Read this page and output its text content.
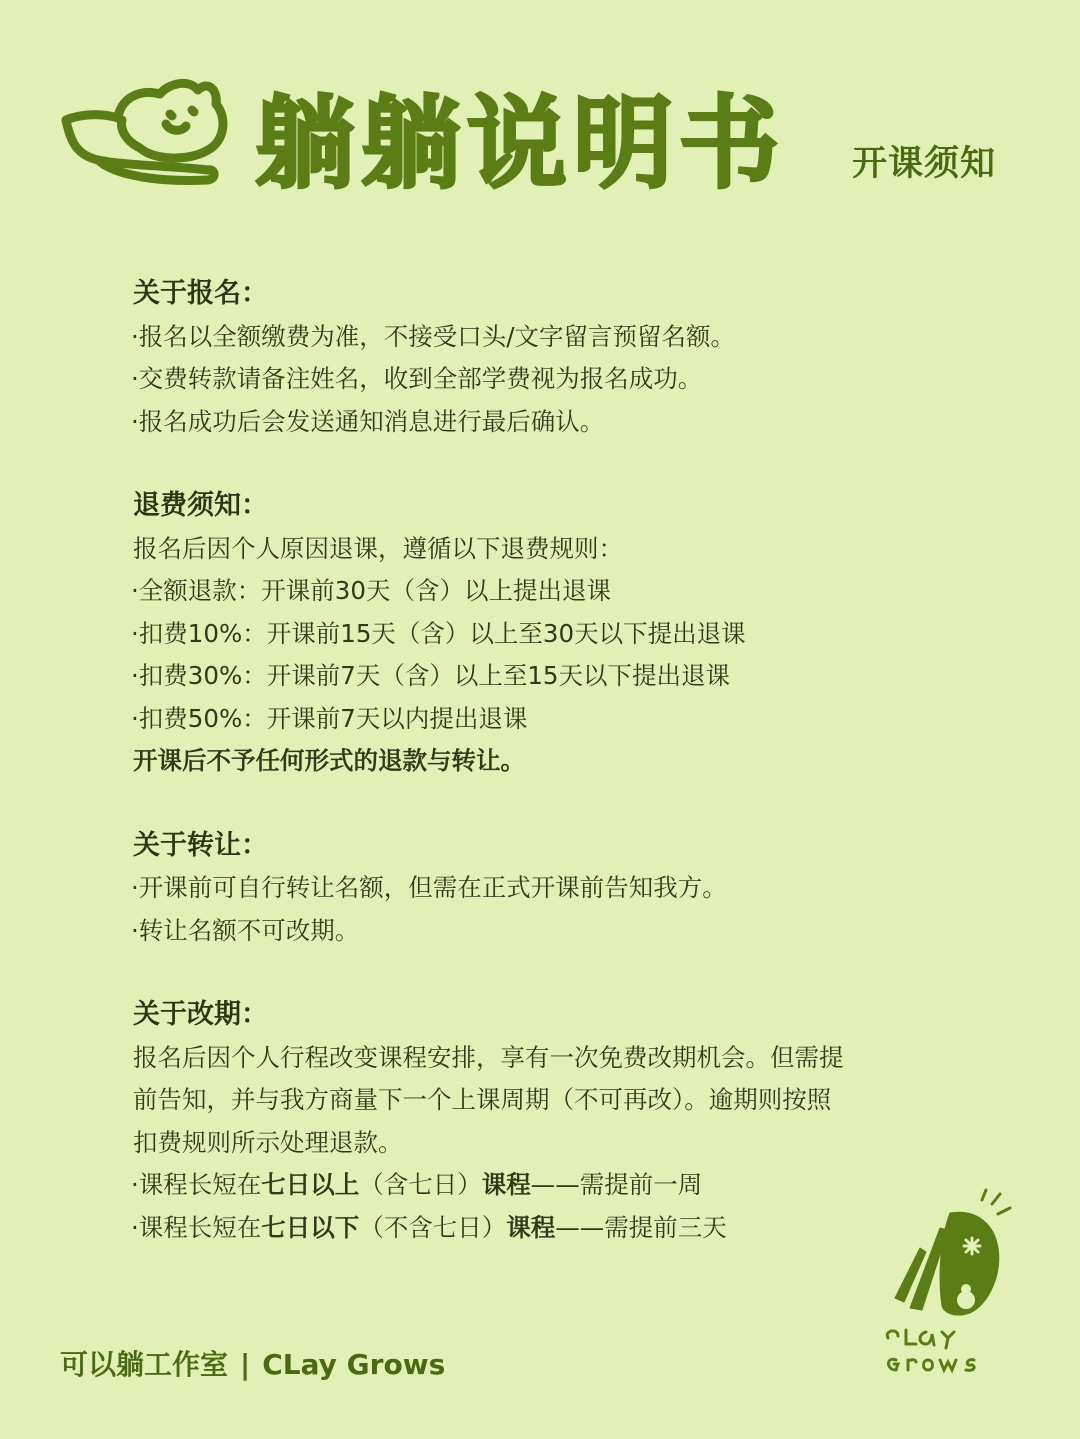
躺躺说明书 开课须知
关于报名：
·报名以全额缴费为准，不接受口头/文字留言预留名额。
·交费转款请备注姓名，收到全部学费视为报名成功。
·报名成功后会发送通知消息进行最后确认。
退费须知：
报名后因个人原因退课，遵循以下退费规则：
·全额退款：开课前30天（含）以上提出退课
·扣费10%：开课前15天（含）以上至30天以下提出退课
·扣费30%：开课前7天（含）以上至15天以下提出退课
·扣费50%：开课前7天以内提出退课
开课后不予任何形式的退款与转让。
关于转让：
·开课前可自行转让名额，但需在正式开课前告知我方。
·转让名额不可改期。
关于改期：
报名后因个人行程改变课程安排，享有一次免费改期机会。但需提
前告知，并与我方商量下一个上课周期（不可再改）。逾期则按照
扣费规则所示处理退款。
·课程长短在七日以上（含七日）课程——需提前一周
·课程长短在七日以下（不含七日）课程——需提前三天
可以躺工作室 | CLay Grows
